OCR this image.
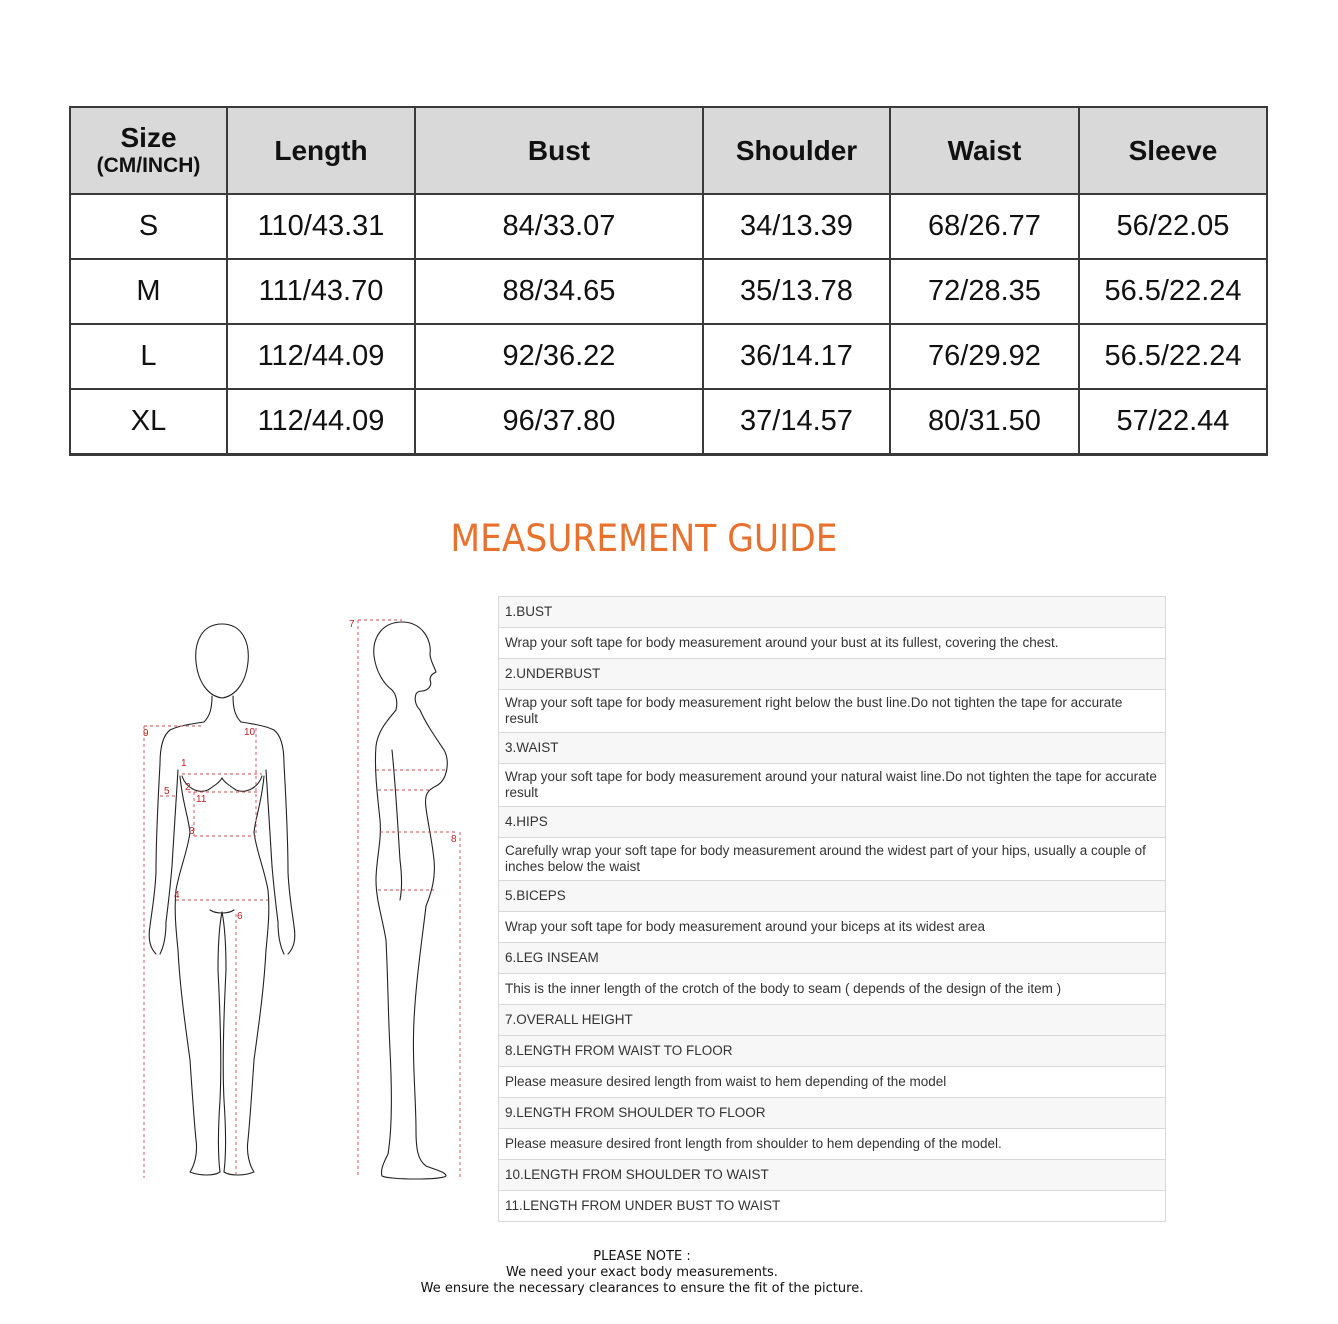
Size
(CM/INCH)	Length	Bust	Shoulder	Waist	Sleeve
S	110/43.31	84/33.07	34/13.39	68/26.77	56/22.05
M	111/43.70	88/34.65	35/13.78	72/28.35	56.5/22.24
L	112/44.09	92/36.22	36/14.17	76/29.92	56.5/22.24
XL	112/44.09	96/37.80	37/14.57	80/31.50	57/22.44
MEASUREMENT GUIDE
1
2
3
4
5
6
9	10
11
7
8
1.BUST
Wrap your soft tape for body measurement around your bust at its fullest, covering the chest.
2.UNDERBUST
Wrap your soft tape for body measurement right below the bust line.Do not tighten the tape for accurate result
3.WAIST
Wrap your soft tape for body measurement around your natural waist line.Do not tighten the tape for accurate result
4.HIPS
Carefully wrap your soft tape for body measurement around the widest part of your hips, usually a couple of inches below the waist
5.BICEPS
Wrap your soft tape for body measurement around your biceps at its widest area
6.LEG INSEAM
This is the inner length of the crotch of the body to seam ( depends of the design of the item )
7.OVERALL HEIGHT
8.LENGTH FROM WAIST TO FLOOR
Please measure desired length from waist to hem depending of the model
9.LENGTH FROM SHOULDER TO FLOOR
Please measure desired front length from shoulder to hem depending of the model.
10.LENGTH FROM SHOULDER TO WAIST
11.LENGTH FROM UNDER BUST TO WAIST
PLEASE NOTE :
We need your exact body measurements.
We ensure the necessary clearances to ensure the fit of the picture.
